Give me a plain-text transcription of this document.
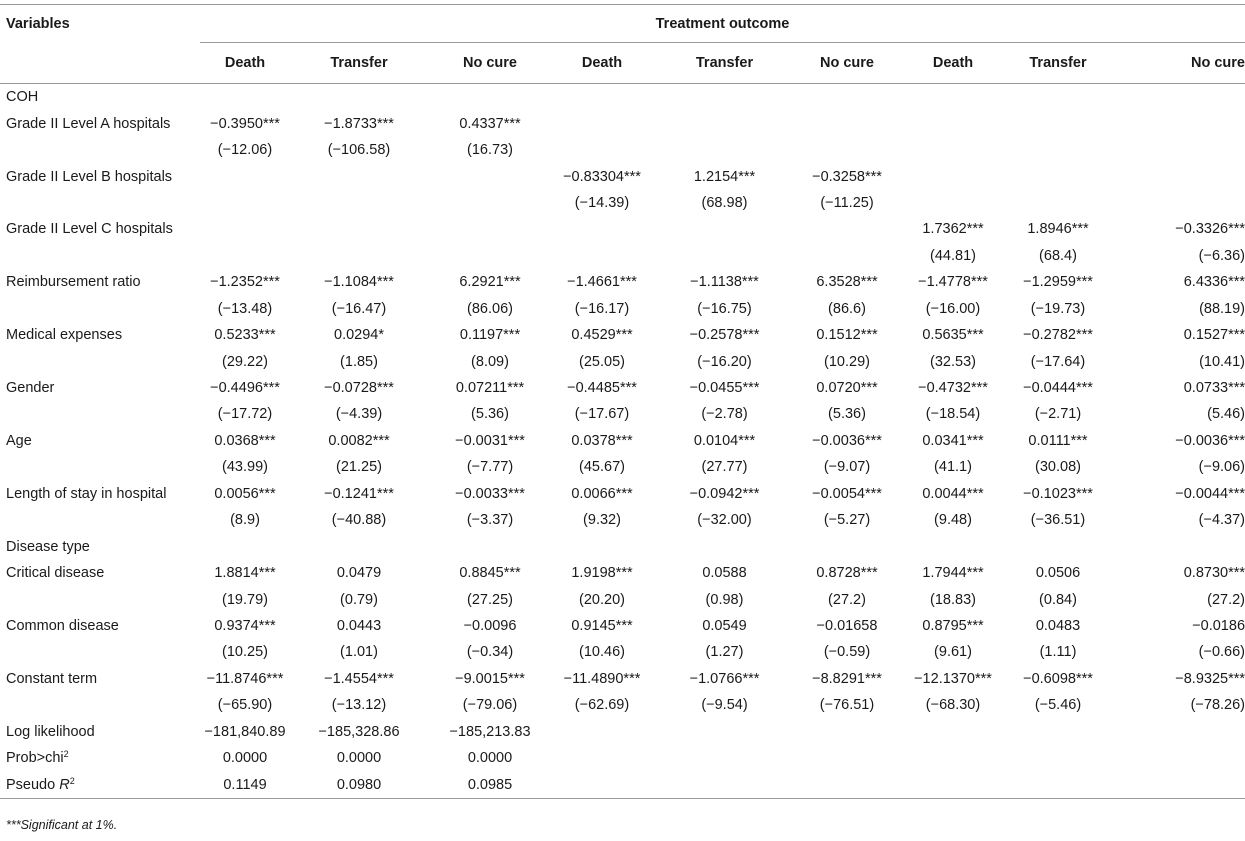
Variables	Treatment outcome								
	Death	Transfer	No cure	Death	Transfer	No cure	Death	Transfer	No cure
COH									
Grade II Level A hospitals	−0.3950***	−1.8733***	0.4337***						
	(−12.06)	(−106.58)	(16.73)						
Grade II Level B hospitals				−0.83304***	1.2154***	−0.3258***			
				(−14.39)	(68.98)	(−11.25)			
Grade II Level C hospitals							1.7362***	1.8946***	−0.3326***
							(44.81)	(68.4)	(−6.36)
Reimbursement ratio	−1.2352***	−1.1084***	6.2921***	−1.4661***	−1.1138***	6.3528***	−1.4778***	−1.2959***	6.4336***
	(−13.48)	(−16.47)	(86.06)	(−16.17)	(−16.75)	(86.6)	(−16.00)	(−19.73)	(88.19)
Medical expenses	0.5233***	0.0294*	0.1197***	0.4529***	−0.2578***	0.1512***	0.5635***	−0.2782***	0.1527***
	(29.22)	(1.85)	(8.09)	(25.05)	(−16.20)	(10.29)	(32.53)	(−17.64)	(10.41)
Gender	−0.4496***	−0.0728***	0.07211***	−0.4485***	−0.0455***	0.0720***	−0.4732***	−0.0444***	0.0733***
	(−17.72)	(−4.39)	(5.36)	(−17.67)	(−2.78)	(5.36)	(−18.54)	(−2.71)	(5.46)
Age	0.0368***	0.0082***	−0.0031***	0.0378***	0.0104***	−0.0036***	0.0341***	0.0111***	−0.0036***
	(43.99)	(21.25)	(−7.77)	(45.67)	(27.77)	(−9.07)	(41.1)	(30.08)	(−9.06)
Length of stay in hospital	0.0056***	−0.1241***	−0.0033***	0.0066***	−0.0942***	−0.0054***	0.0044***	−0.1023***	−0.0044***
	(8.9)	(−40.88)	(−3.37)	(9.32)	(−32.00)	(−5.27)	(9.48)	(−36.51)	(−4.37)
Disease type									
Critical disease	1.8814***	0.0479	0.8845***	1.9198***	0.0588	0.8728***	1.7944***	0.0506	0.8730***
	(19.79)	(0.79)	(27.25)	(20.20)	(0.98)	(27.2)	(18.83)	(0.84)	(27.2)
Common disease	0.9374***	0.0443	−0.0096	0.9145***	0.0549	−0.01658	0.8795***	0.0483	−0.0186
	(10.25)	(1.01)	(−0.34)	(10.46)	(1.27)	(−0.59)	(9.61)	(1.11)	(−0.66)
Constant term	−11.8746***	−1.4554***	−9.0015***	−11.4890***	−1.0766***	−8.8291***	−12.1370***	−0.6098***	−8.9325***
	(−65.90)	(−13.12)	(−79.06)	(−62.69)	(−9.54)	(−76.51)	(−68.30)	(−5.46)	(−78.26)
Log likelihood	−181,840.89	−185,328.86	−185,213.83						
Prob>chi$^2$	0.0000	0.0000	0.0000						
Pseudo $R^2$	0.1149	0.0980	0.0985						
***Significant at 1%.
